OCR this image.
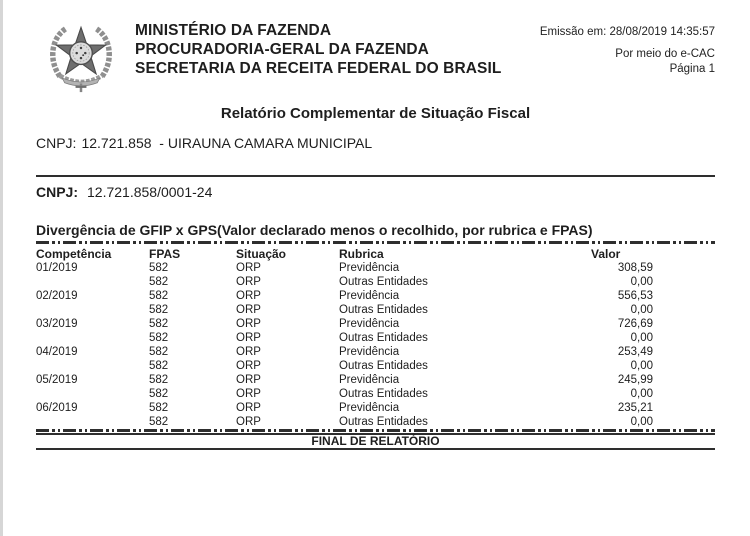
MINISTÉRIO DA FAZENDA
PROCURADORIA-GERAL DA FAZENDA
SECRETARIA DA RECEITA FEDERAL DO BRASIL
Emissão em: 28/08/2019 14:35:57
Por meio do e-CAC
Página 1
Relatório Complementar de Situação Fiscal
CNPJ: 12.721.858  - UIRAUNA CAMARA MUNICIPAL
CNPJ: 12.721.858/0001-24
Divergência de GFIP x GPS(Valor declarado menos o recolhido, por rubrica e FPAS)
Competência	FPAS	Situação	Rubrica	Valor
01/2019	582	ORP	Previdência	308,59
	582	ORP	Outras Entidades	0,00
02/2019	582	ORP	Previdência	556,53
	582	ORP	Outras Entidades	0,00
03/2019	582	ORP	Previdência	726,69
	582	ORP	Outras Entidades	0,00
04/2019	582	ORP	Previdência	253,49
	582	ORP	Outras Entidades	0,00
05/2019	582	ORP	Previdência	245,99
	582	ORP	Outras Entidades	0,00
06/2019	582	ORP	Previdência	235,21
	582	ORP	Outras Entidades	0,00
FINAL DE RELATÓRIO
